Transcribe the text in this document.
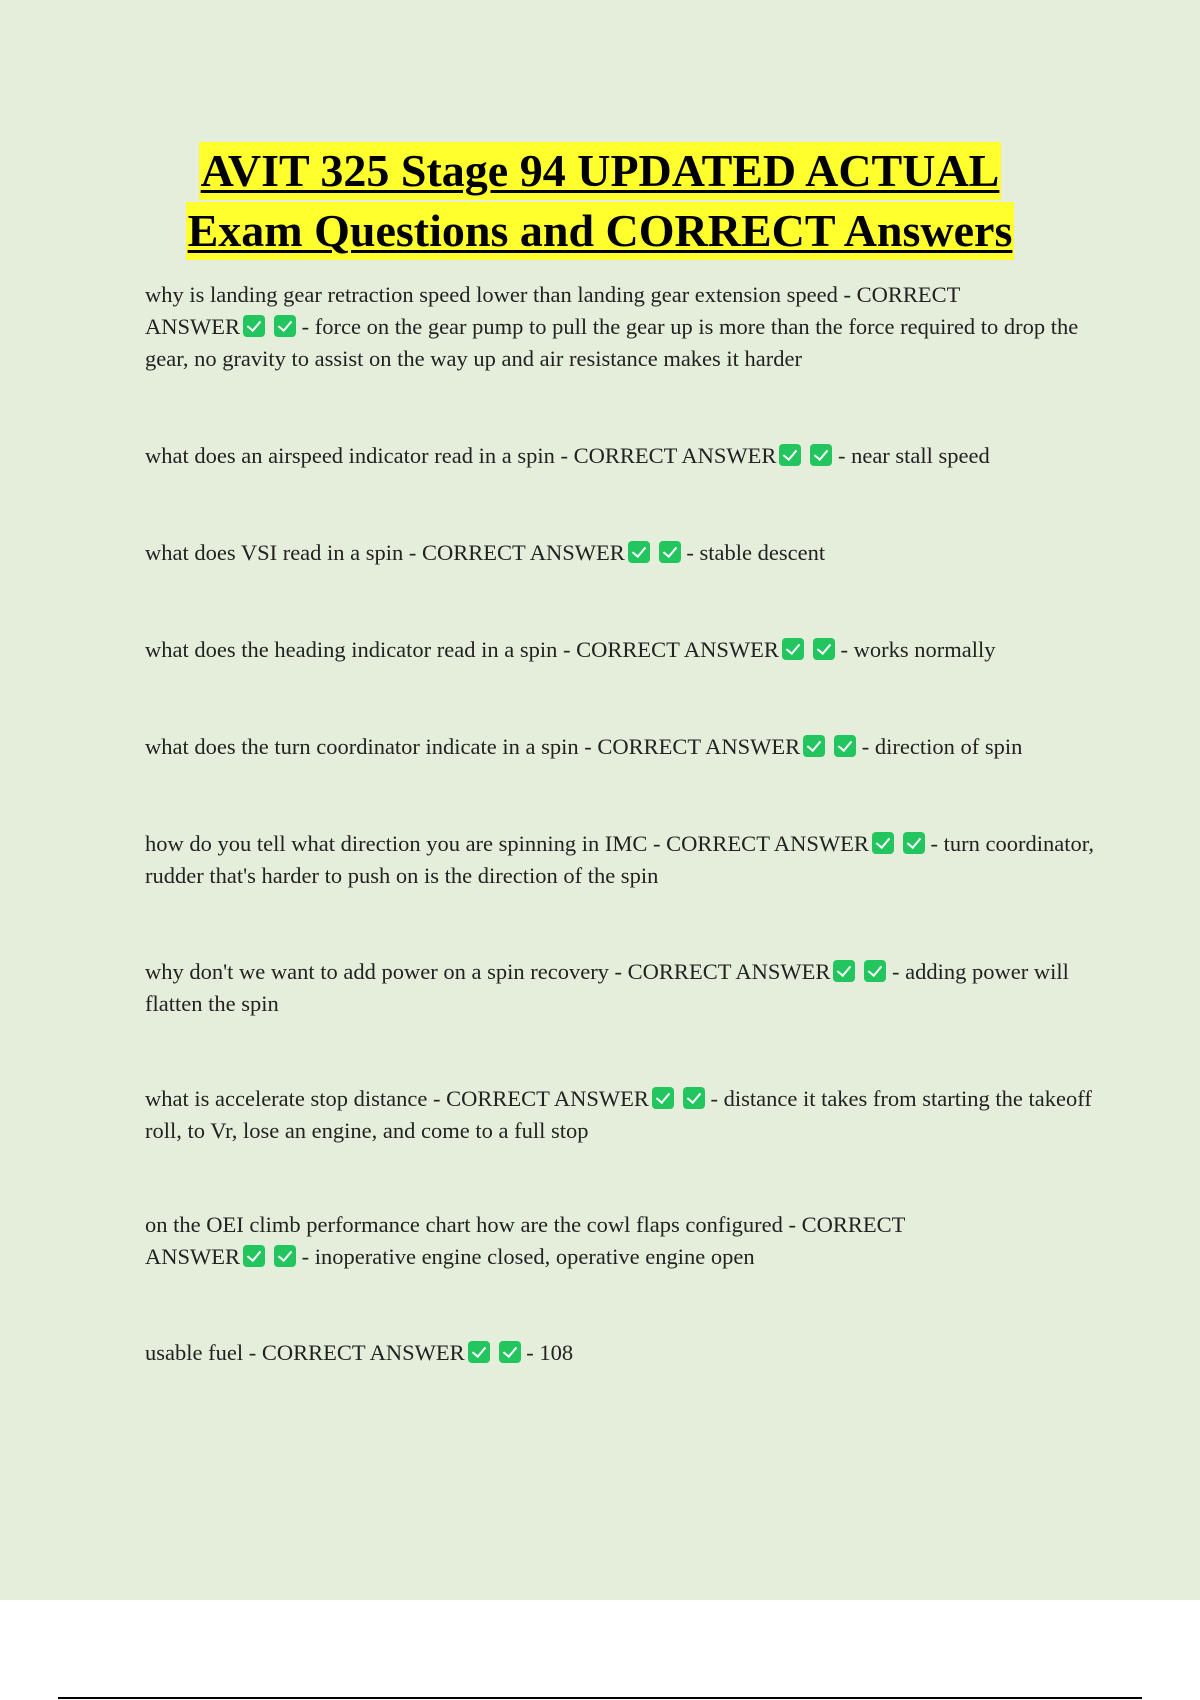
AVIT 325 Stage 94 UPDATED ACTUAL
Exam Questions and CORRECT Answers
why is landing gear retraction speed lower than landing gear extension speed - CORRECT
ANSWER - force on the gear pump to pull the gear up is more than the force required to drop the gear, no gravity to assist on the way up and air resistance makes it harder
what does an airspeed indicator read in a spin - CORRECT ANSWER - near stall speed
what does VSI read in a spin - CORRECT ANSWER - stable descent
what does the heading indicator read in a spin - CORRECT ANSWER - works normally
what does the turn coordinator indicate in a spin - CORRECT ANSWER - direction of spin
how do you tell what direction you are spinning in IMC - CORRECT ANSWER - turn coordinator, rudder that's harder to push on is the direction of the spin
why don't we want to add power on a spin recovery - CORRECT ANSWER - adding power will flatten the spin
what is accelerate stop distance - CORRECT ANSWER - distance it takes from starting the takeoff roll, to Vr, lose an engine, and come to a full stop
on the OEI climb performance chart how are the cowl flaps configured - CORRECT
ANSWER - inoperative engine closed, operative engine open
usable fuel - CORRECT ANSWER - 108
